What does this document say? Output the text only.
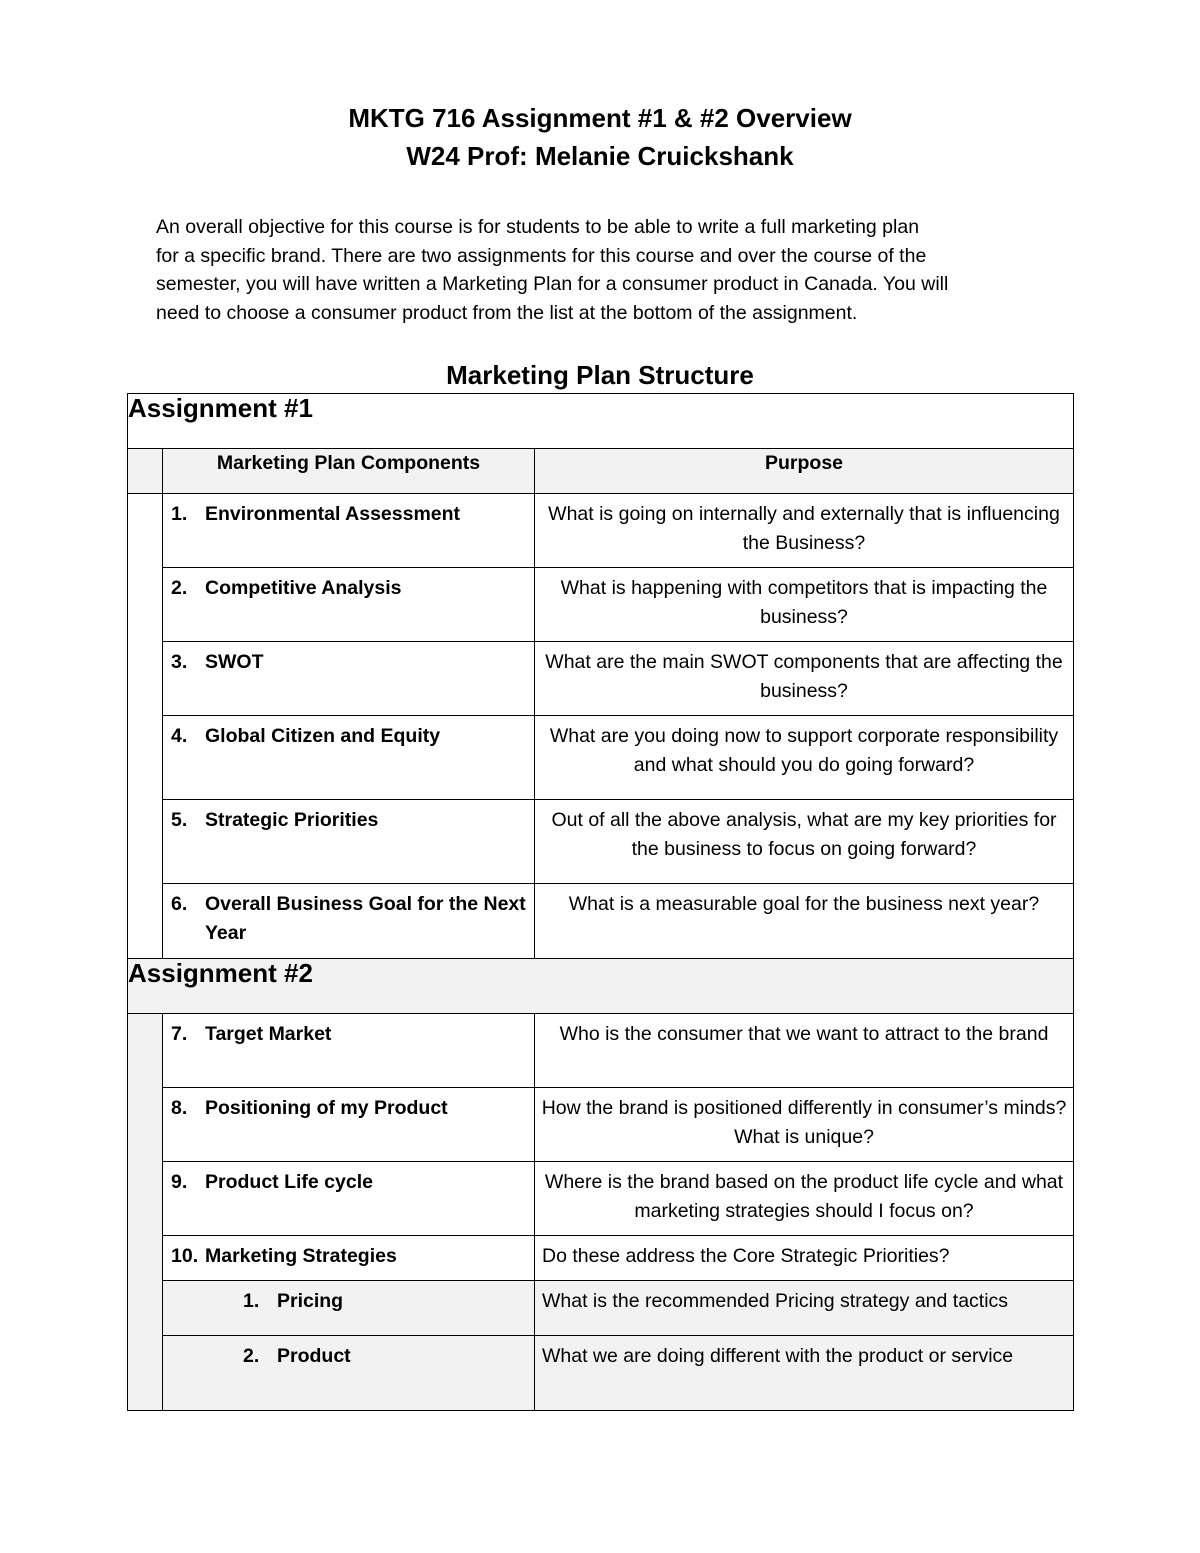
MKTG 716 Assignment #1 & #2 Overview
W24 Prof: Melanie Cruickshank
An overall objective for this course is for students to be able to write a full marketing plan
for a specific brand. There are two assignments for this course and over the course of the
semester, you will have written a Marketing Plan for a consumer product in Canada. You will
need to choose a consumer product from the list at the bottom of the assignment.
Marketing Plan Structure
Assignment #1		
	Marketing Plan Components	Purpose

	1. Environmental Assessment	What is going on internally and externally that is influencing the Business?

	2. Competitive Analysis	What is happening with competitors that is impacting the business?

	3. SWOT	What are the main SWOT components that are affecting the business?

	4. Global Citizen and Equity	What are you doing now to support corporate responsibility and what should you do going forward?

	5. Strategic Priorities	Out of all the above analysis, what are my key priorities for the business to focus on going forward?

	6. Overall Business Goal for the Next Year	What is a measurable goal for the business next year?
Assignment #2		

	7. Target Market	Who is the consumer that we want to attract to the brand

	8. Positioning of my Product	How the brand is positioned differently in consumer’s minds? What is unique?

	9. Product Life cycle	Where is the brand based on the product life cycle and what marketing strategies should I focus on?

	10. Marketing Strategies	Do these address the Core Strategic Priorities?
	1. Pricing	What is the recommended Pricing strategy and tactics
	2. Product	What we are doing different with the product or service
